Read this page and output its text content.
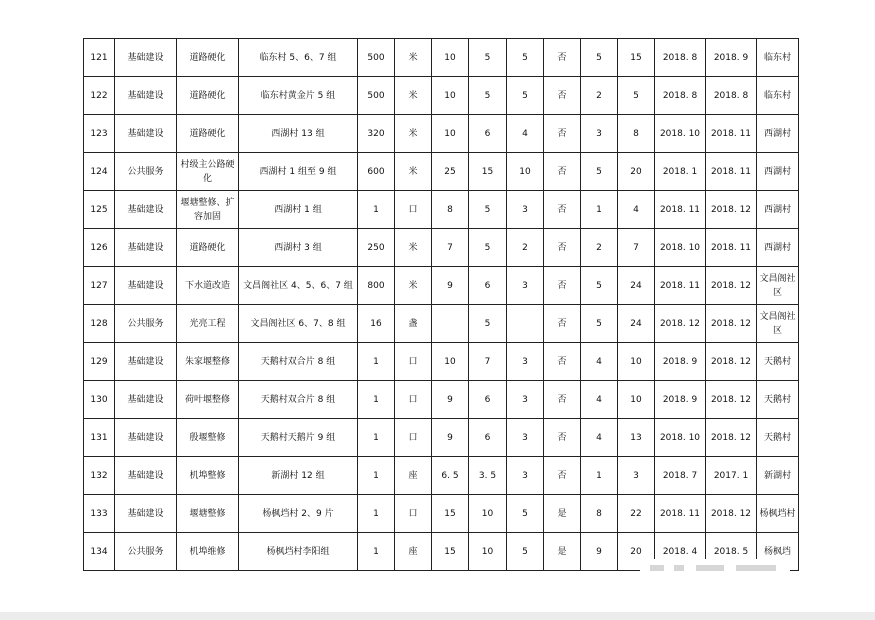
121	基础建设	道路硬化	临东村 5、6、7 组	500	米	10	5	5	否	5	15	2018. 8	2018. 9	临东村
122	基础建设	道路硬化	临东村黄金片 5 组	500	米	10	5	5	否	2	5	2018. 8	2018. 8	临东村
123	基础建设	道路硬化	西湖村 13 组	320	米	10	6	4	否	3	8	2018. 10	2018. 11	西湖村
124	公共服务	村级主公路硬化	西湖村 1 组至 9 组	600	米	25	15	10	否	5	20	2018. 1	2018. 11	西湖村
125	基础建设	堰塘整修、扩容加固	西湖村 1 组	1	口	8	5	3	否	1	4	2018. 11	2018. 12	西湖村
126	基础建设	道路硬化	西湖村 3 组	250	米	7	5	2	否	2	7	2018. 10	2018. 11	西湖村
127	基础建设	下水道改造	文昌阁社区 4、5、6、7 组	800	米	9	6	3	否	5	24	2018. 11	2018. 12	文昌阁社区
128	公共服务	光亮工程	文昌阁社区 6、7、8 组	16	盏		5		否	5	24	2018. 12	2018. 12	文昌阁社区
129	基础建设	朱家堰整修	天鹅村双合片 8 组	1	口	10	7	3	否	4	10	2018. 9	2018. 12	天鹅村
130	基础建设	荷叶堰整修	天鹅村双合片 8 组	1	口	9	6	3	否	4	10	2018. 9	2018. 12	天鹅村
131	基础建设	殷堰整修	天鹅村天鹅片 9 组	1	口	9	6	3	否	4	13	2018. 10	2018. 12	天鹅村
132	基础建设	机埠整修	新湖村 12 组	1	座	6. 5	3. 5	3	否	1	3	2018. 7	2017. 1	新湖村
133	基础建设	堰塘整修	杨枫垱村 2、9 片	1	口	15	10	5	是	8	22	2018. 11	2018. 12	杨枫垱村
134	公共服务	机埠维修	杨枫垱村李阳组	1	座	15	10	5	是	9	20	2018. 4	2018. 5	杨枫垱
